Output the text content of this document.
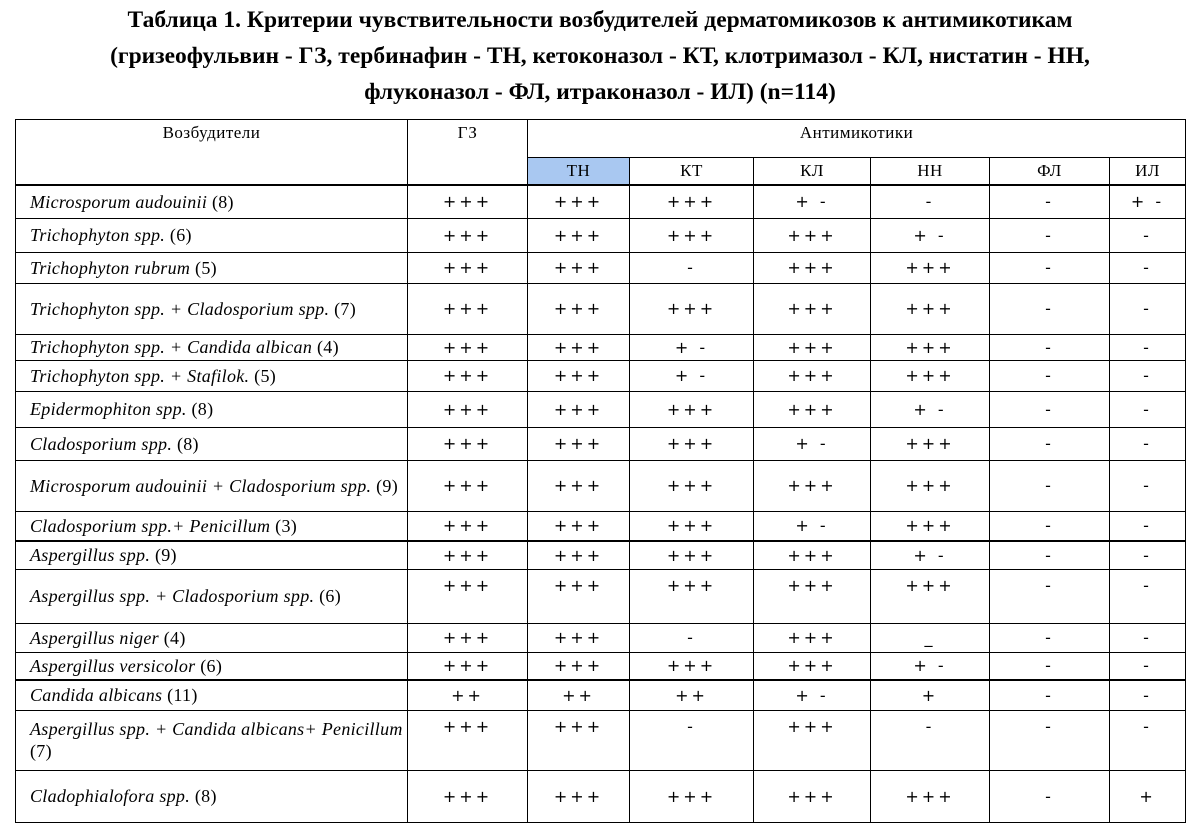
Таблица 1. Критерии чувствительности возбудителей дерматомикозов к антимикотикам
(гризеофульвин - ГЗ, тербинафин - ТН, кетоконазол - КТ, клотримазол - КЛ, нистатин - НН,
флуконазол - ФЛ, итраконазол - ИЛ) (n=114)
Возбудители	ГЗ	Антимикотики					
		ТН	КТ	КЛ	НН	ФЛ	ИЛ
Microsporum audouinii (8)	+++	+++	+++	+ -	-	-	+ -
Trichophyton spp. (6)	+++	+++	+++	+++	+ -	-	-
Trichophyton rubrum (5)	+++	+++	-	+++	+++	-	-
Trichophyton spp. + Cladosporium spp. (7)	+++	+++	+++	+++	+++	-	-
Trichophyton spp. + Candida albican (4)	+++	+++	+ -	+++	+++	-	-
Trichophyton spp. + Stafilok. (5)	+++	+++	+ -	+++	+++	-	-
Epidermophiton spp. (8)	+++	+++	+++	+++	+ -	-	-
Cladosporium spp. (8)	+++	+++	+++	+ -	+++	-	-
Microsporum audouinii + Cladosporium spp. (9)	+++	+++	+++	+++	+++	-	-
Cladosporium spp.+ Penicillum (3)	+++	+++	+++	+ -	+++	-	-
Aspergillus spp. (9)	+++	+++	+++	+++	+ -	-	-
Aspergillus spp. + Cladosporium spp. (6)	+++	+++	+++	+++	+++	-	-
Aspergillus niger (4)	+++	+++	-	+++	_	-	-
Aspergillus versicolor (6)	+++	+++	+++	+++	+ -	-	-
Candida albicans (11)	++	++	++	+ -	+	-	-
Aspergillus spp. + Candida albicans+ Penicillum (7)	+++	+++	-	+++	-	-	-
Cladophialofora spp. (8)	+++	+++	+++	+++	+++	-	+
